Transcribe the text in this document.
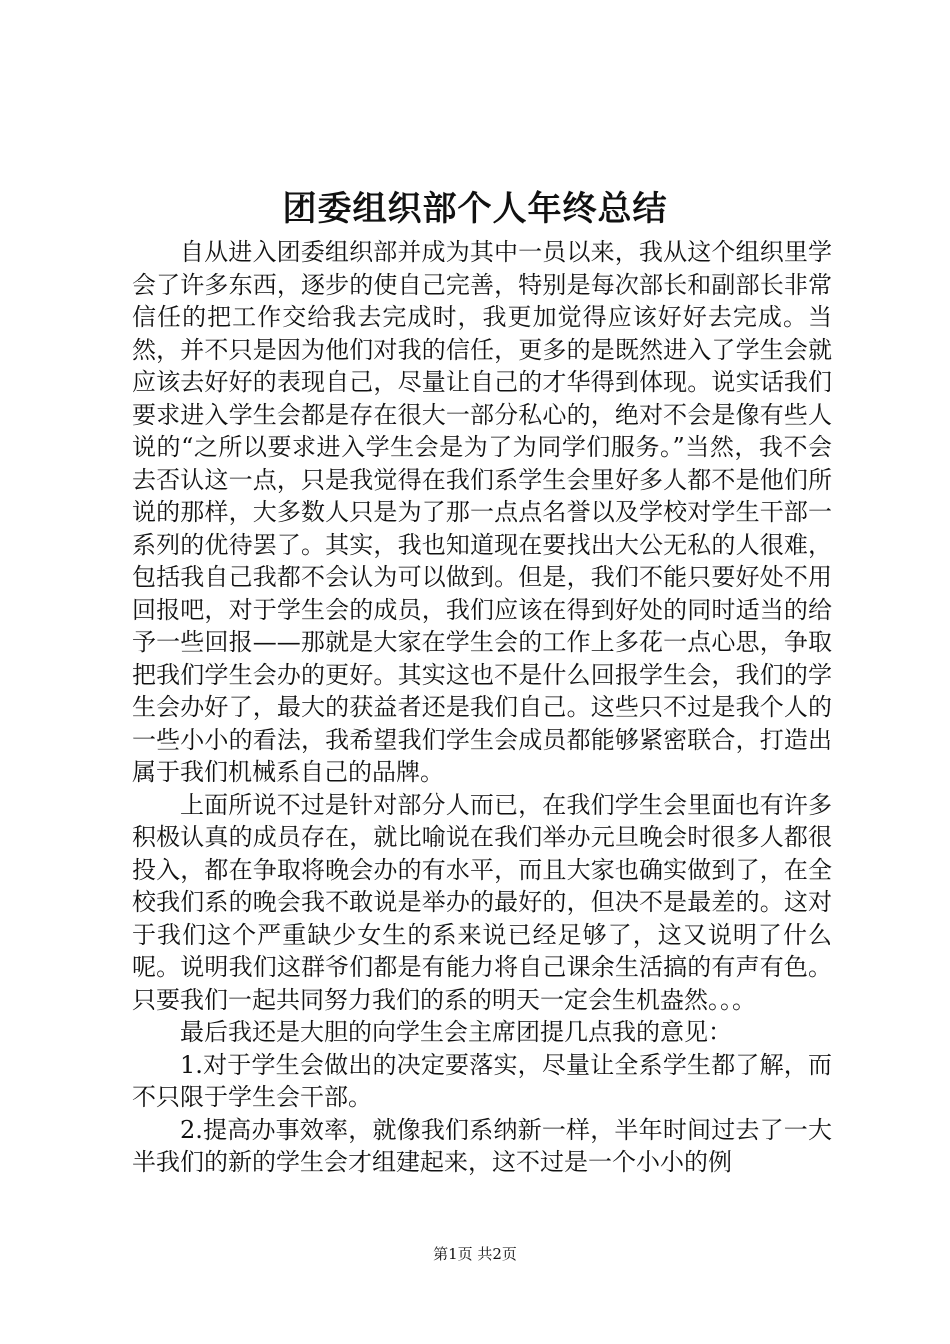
团委组织部个人年终总结

自从进入团委组织部并成为其中一员以来，我从这个组织里学会了许多东西，逐步的使自己完善，特别是每次部长和副部长非常信任的把工作交给我去完成时，我更加觉得应该好好去完成。当然，并不只是因为他们对我的信任，更多的是既然进入了学生会就应该去好好的表现自己，尽量让自己的才华得到体现。说实话我们要求进入学生会都是存在很大一部分私心的，绝对不会是像有些人说的“之所以要求进入学生会是为了为同学们服务。”当然，我不会去否认这一点，只是我觉得在我们系学生会里好多人都不是他们所说的那样，大多数人只是为了那一点点名誉以及学校对学生干部一系列的优待罢了。其实，我也知道现在要找出大公无私的人很难，包括我自己我都不会认为可以做到。但是，我们不能只要好处不用回报吧，对于学生会的成员，我们应该在得到好处的同时适当的给予一些回报——那就是大家在学生会的工作上多花一点心思，争取把我们学生会办的更好。其实这也不是什么回报学生会，我们的学生会办好了，最大的获益者还是我们自己。这些只不过是我个人的一些小小的看法，我希望我们学生会成员都能够紧密联合，打造出属于我们机械系自己的品牌。

上面所说不过是针对部分人而已，在我们学生会里面也有许多积极认真的成员存在，就比喻说在我们举办元旦晚会时很多人都很投入，都在争取将晚会办的有水平，而且大家也确实做到了，在全校我们系的晚会我不敢说是举办的最好的，但决不是最差的。这对于我们这个严重缺少女生的系来说已经足够了，这又说明了什么呢。说明我们这群爷们都是有能力将自己课余生活搞的有声有色。只要我们一起共同努力我们的系的明天一定会生机盎然。。。

最后我还是大胆的向学生会主席团提几点我的意见：

1.对于学生会做出的决定要落实，尽量让全系学生都了解，而不只限于学生会干部。

2.提高办事效率，就像我们系纳新一样，半年时间过去了一大半我们的新的学生会才组建起来，这不过是一个小小的例

第1页 共2页
